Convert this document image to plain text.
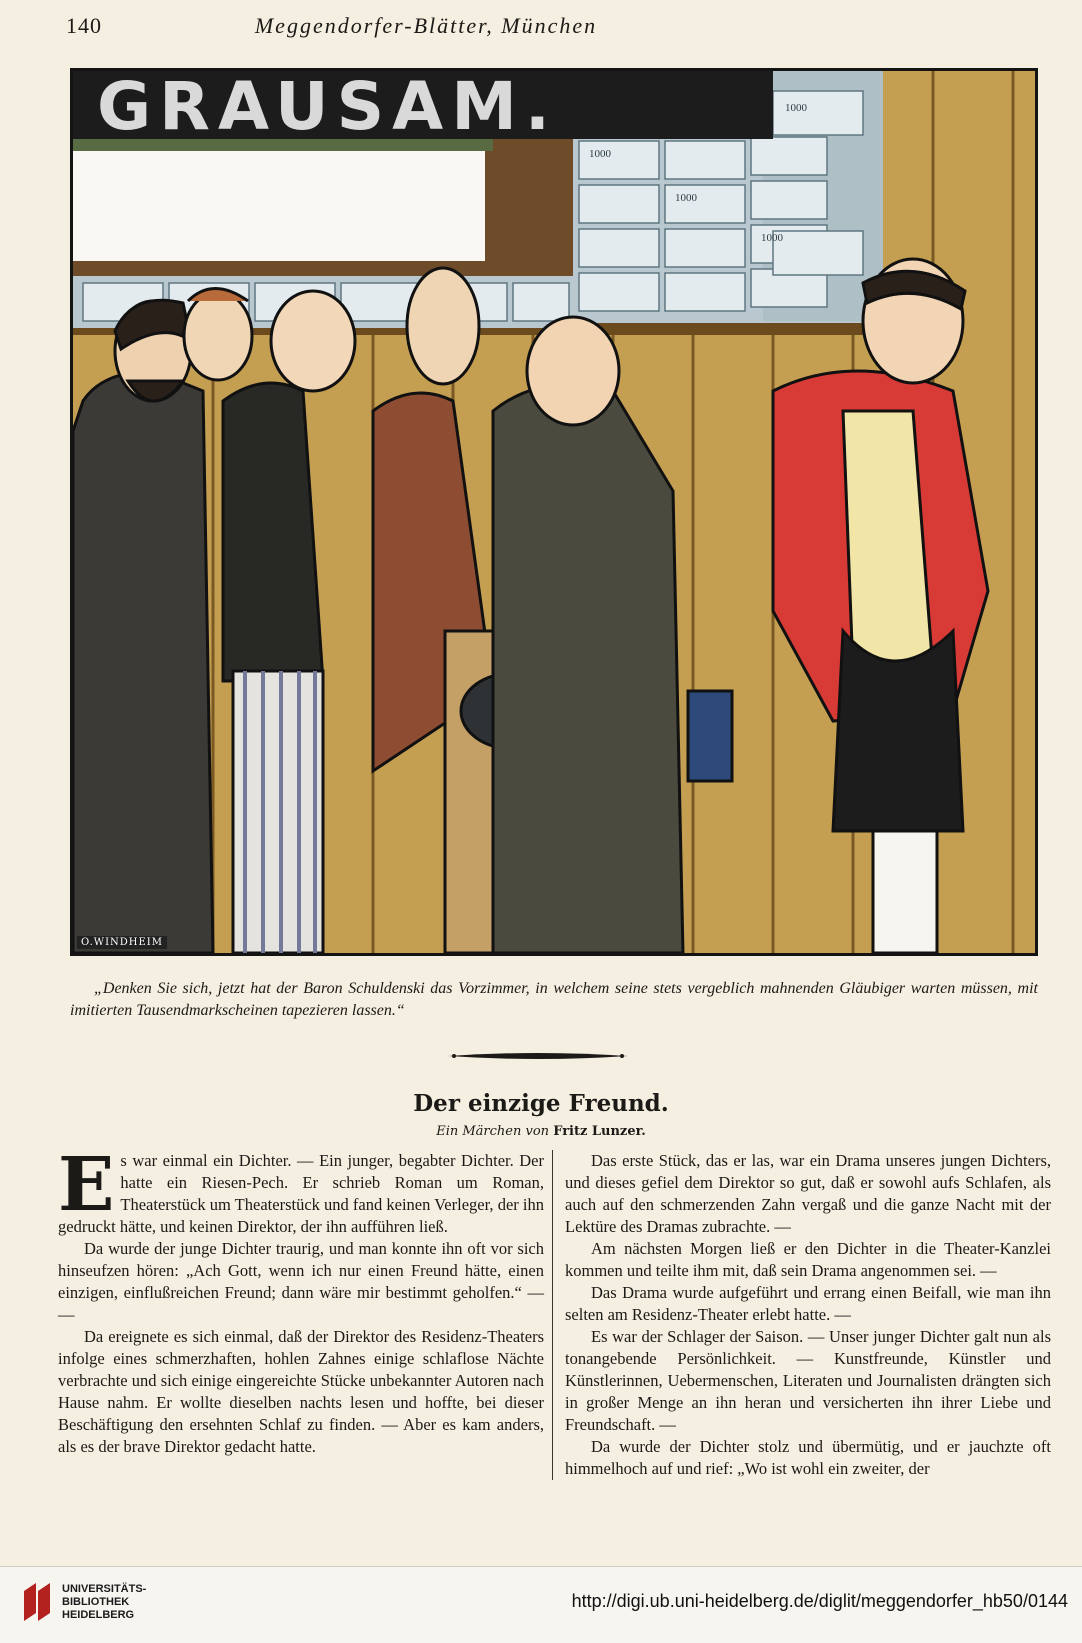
140	Meggendorfer-Blätter, München
1000
1000
1000
1000
GRAUSAM.
O.WINDHEIM
„Denken Sie sich, jetzt hat der Baron Schuldenski das Vorzimmer, in welchem seine stets vergeblich mahnenden Gläubiger warten müssen, mit imitierten Tausendmarkscheinen tapezieren lassen.“
Der einzige Freund.
Ein Märchen von Fritz Lunzer.

Es war einmal ein Dichter. — Ein junger, begabter Dichter. Der hatte ein Riesen-Pech. Er schrieb Roman um Roman, Theaterstück um Theaterstück und fand keinen Verleger, der ihn gedruckt hätte, und keinen Direktor, der ihn aufführen ließ.

Da wurde der junge Dichter traurig, und man konnte ihn oft vor sich hinseufzen hören: „Ach Gott, wenn ich nur einen Freund hätte, einen einzigen, einflußreichen Freund; dann wäre mir bestimmt geholfen.“ — —

Da ereignete es sich einmal, daß der Direktor des Residenz-Theaters infolge eines schmerzhaften, hohlen Zahnes einige schlaflose Nächte verbrachte und sich einige eingereichte Stücke unbekannter Autoren nach Hause nahm. Er wollte dieselben nachts lesen und hoffte, bei dieser Beschäftigung den ersehnten Schlaf zu finden. — Aber es kam anders, als es der brave Direktor gedacht hatte.

Das erste Stück, das er las, war ein Drama unseres jungen Dichters, und dieses gefiel dem Direktor so gut, daß er sowohl aufs Schlafen, als auch auf den schmerzenden Zahn vergaß und die ganze Nacht mit der Lektüre des Dramas zubrachte. —

Am nächsten Morgen ließ er den Dichter in die Theater-Kanzlei kommen und teilte ihm mit, daß sein Drama angenommen sei. —

Das Drama wurde aufgeführt und errang einen Beifall, wie man ihn selten am Residenz-Theater erlebt hatte. —

Es war der Schlager der Saison. — Unser junger Dichter galt nun als tonangebende Persönlichkeit. — Kunstfreunde, Künstler und Künstlerinnen, Uebermenschen, Literaten und Journalisten drängten sich in großer Menge an ihn heran und versicherten ihn ihrer Liebe und Freundschaft. —

Da wurde der Dichter stolz und übermütig, und er jauchzte oft himmelhoch auf und rief: „Wo ist wohl ein zweiter, der

UNIVERSITÄTS-
BIBLIOTHEK
HEIDELBERG
http://digi.ub.uni-heidelberg.de/diglit/meggendorfer_hb50/0144
